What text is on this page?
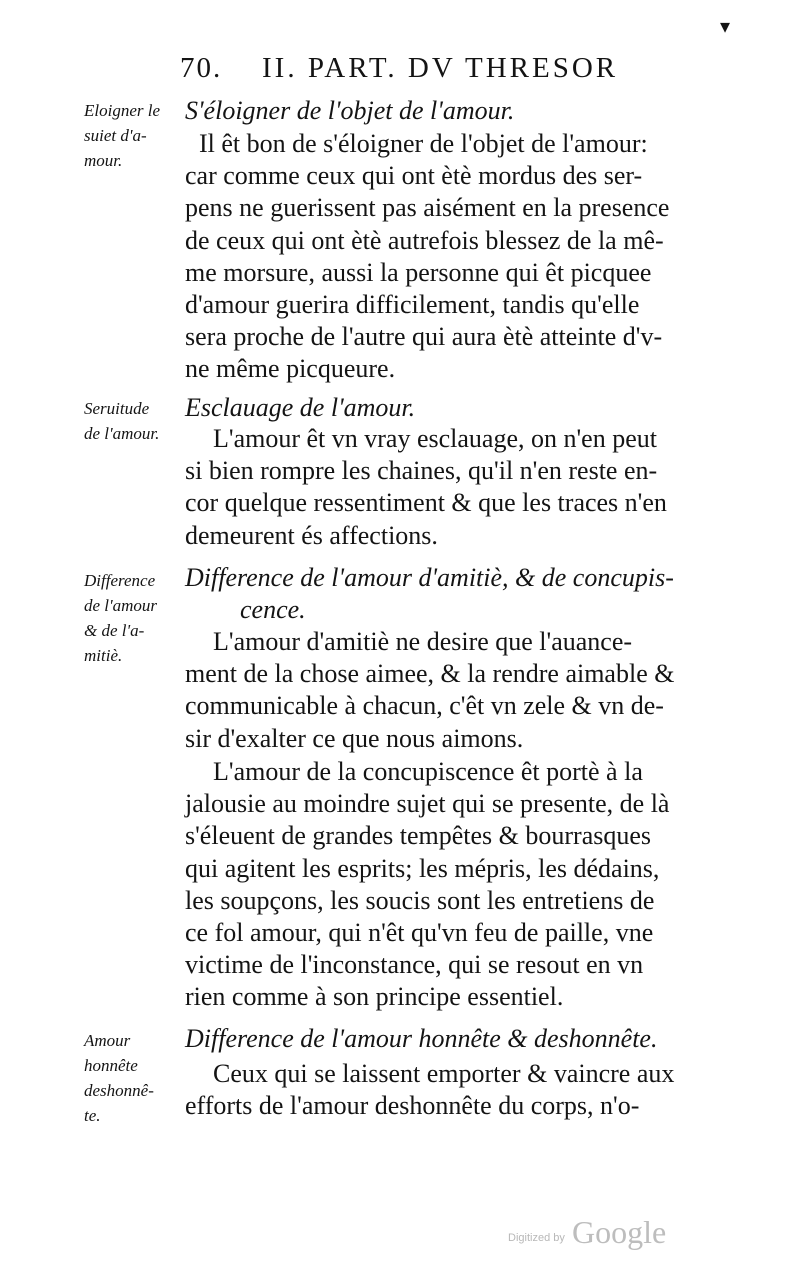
70. II. PART. DV THRESOR
▾
Eloigner le
suiet d'a-
mour.
Seruitude
de l'amour.
Difference
de l'amour
& de l'a-
mitiè.
Amour
honnête
deshonnê-
te.
S'éloigner de l'objet de l'amour.
Il êt bon de s'éloigner de l'objet de l'amour:
car comme ceux qui ont ètè mordus des ser-
pens ne guerissent pas aisément en la presence
de ceux qui ont ètè autrefois blessez de la mê-
me morsure, aussi la personne qui êt picquee
d'amour guerira difficilement, tandis qu'elle
sera proche de l'autre qui aura ètè atteinte d'v-
ne même picqueure.
Esclauage de l'amour.
L'amour êt vn vray esclauage, on n'en peut
si bien rompre les chaines, qu'il n'en reste en-
cor quelque ressentiment & que les traces n'en
demeurent és affections.
Difference de l'amour d'amitiè, & de concupis-
cence.
L'amour d'amitiè ne desire que l'auance-
ment de la chose aimee, & la rendre aimable &
communicable à chacun, c'êt vn zele & vn de-
sir d'exalter ce que nous aimons.
L'amour de la concupiscence êt portè à la
jalousie au moindre sujet qui se presente, de là
s'éleuent de grandes tempêtes & bourrasques
qui agitent les esprits; les mépris, les dédains,
les soupçons, les soucis sont les entretiens de
ce fol amour, qui n'êt qu'vn feu de paille, vne
victime de l'inconstance, qui se resout en vn
rien comme à son principe essentiel.
Difference de l'amour honnête & deshonnête.
Ceux qui se laissent emporter & vaincre aux
efforts de l'amour deshonnête du corps, n'o-
Digitized by Google
